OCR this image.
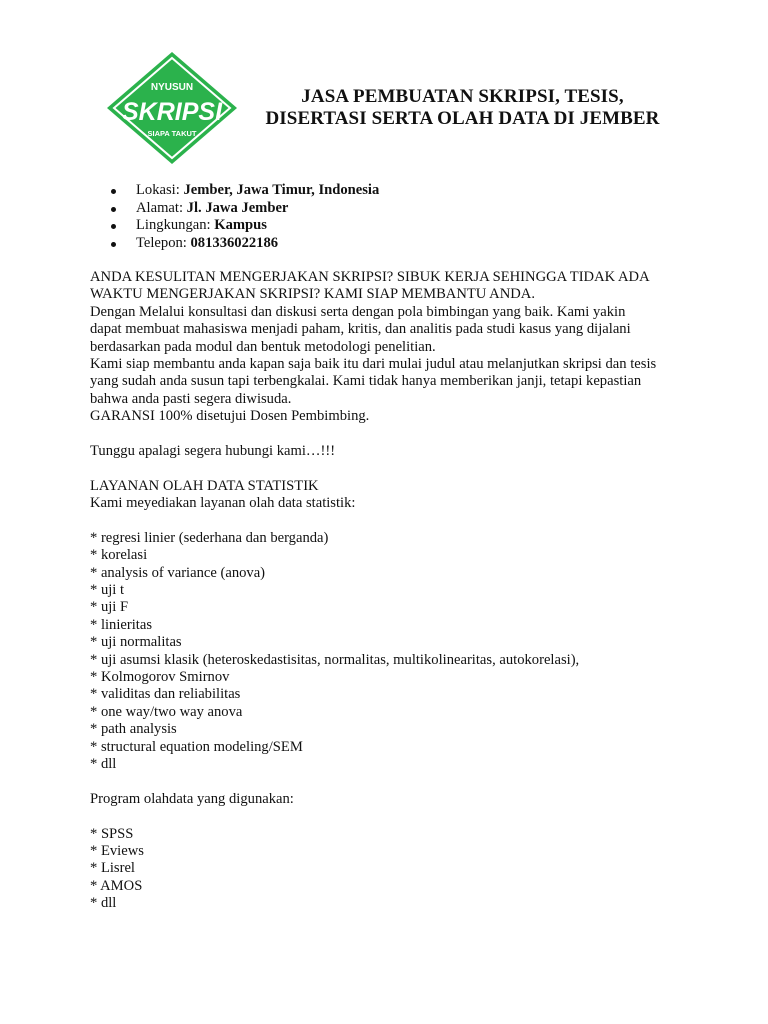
NYUSUN
SKRIPSI
SIAPA TAKUT
JASA PEMBUATAN SKRIPSI, TESIS,
DISERTASI SERTA OLAH DATA DI JEMBER
Lokasi: Jember, Jawa Timur, Indonesia
Alamat: Jl. Jawa Jember
Lingkungan: Kampus
Telepon: 081336022186
ANDA KESULITAN MENGERJAKAN SKRIPSI? SIBUK KERJA SEHINGGA TIDAK ADA
WAKTU MENGERJAKAN SKRIPSI? KAMI SIAP MEMBANTU ANDA.
Dengan Melalui konsultasi dan diskusi serta dengan pola bimbingan yang baik. Kami yakin
dapat membuat mahasiswa menjadi paham, kritis, dan analitis pada studi kasus yang dijalani
berdasarkan pada modul dan bentuk metodologi penelitian.
Kami siap membantu anda kapan saja baik itu dari mulai judul atau melanjutkan skripsi dan tesis
yang sudah anda susun tapi terbengkalai. Kami tidak hanya memberikan janji, tetapi kepastian
bahwa anda pasti segera diwisuda.
GARANSI 100% disetujui Dosen Pembimbing.
Tunggu apalagi segera hubungi kami…!!!
LAYANAN OLAH DATA STATISTIK
Kami meyediakan layanan olah data statistik:
* regresi linier (sederhana dan berganda)
* korelasi
* analysis of variance (anova)
* uji t
* uji F
* linieritas
* uji normalitas
* uji asumsi klasik (heteroskedastisitas, normalitas, multikolinearitas, autokorelasi),
* Kolmogorov Smirnov
* validitas dan reliabilitas
* one way/two way anova
* path analysis
* structural equation modeling/SEM
* dll
Program olahdata yang digunakan:
* SPSS
* Eviews
* Lisrel
* AMOS
* dll
